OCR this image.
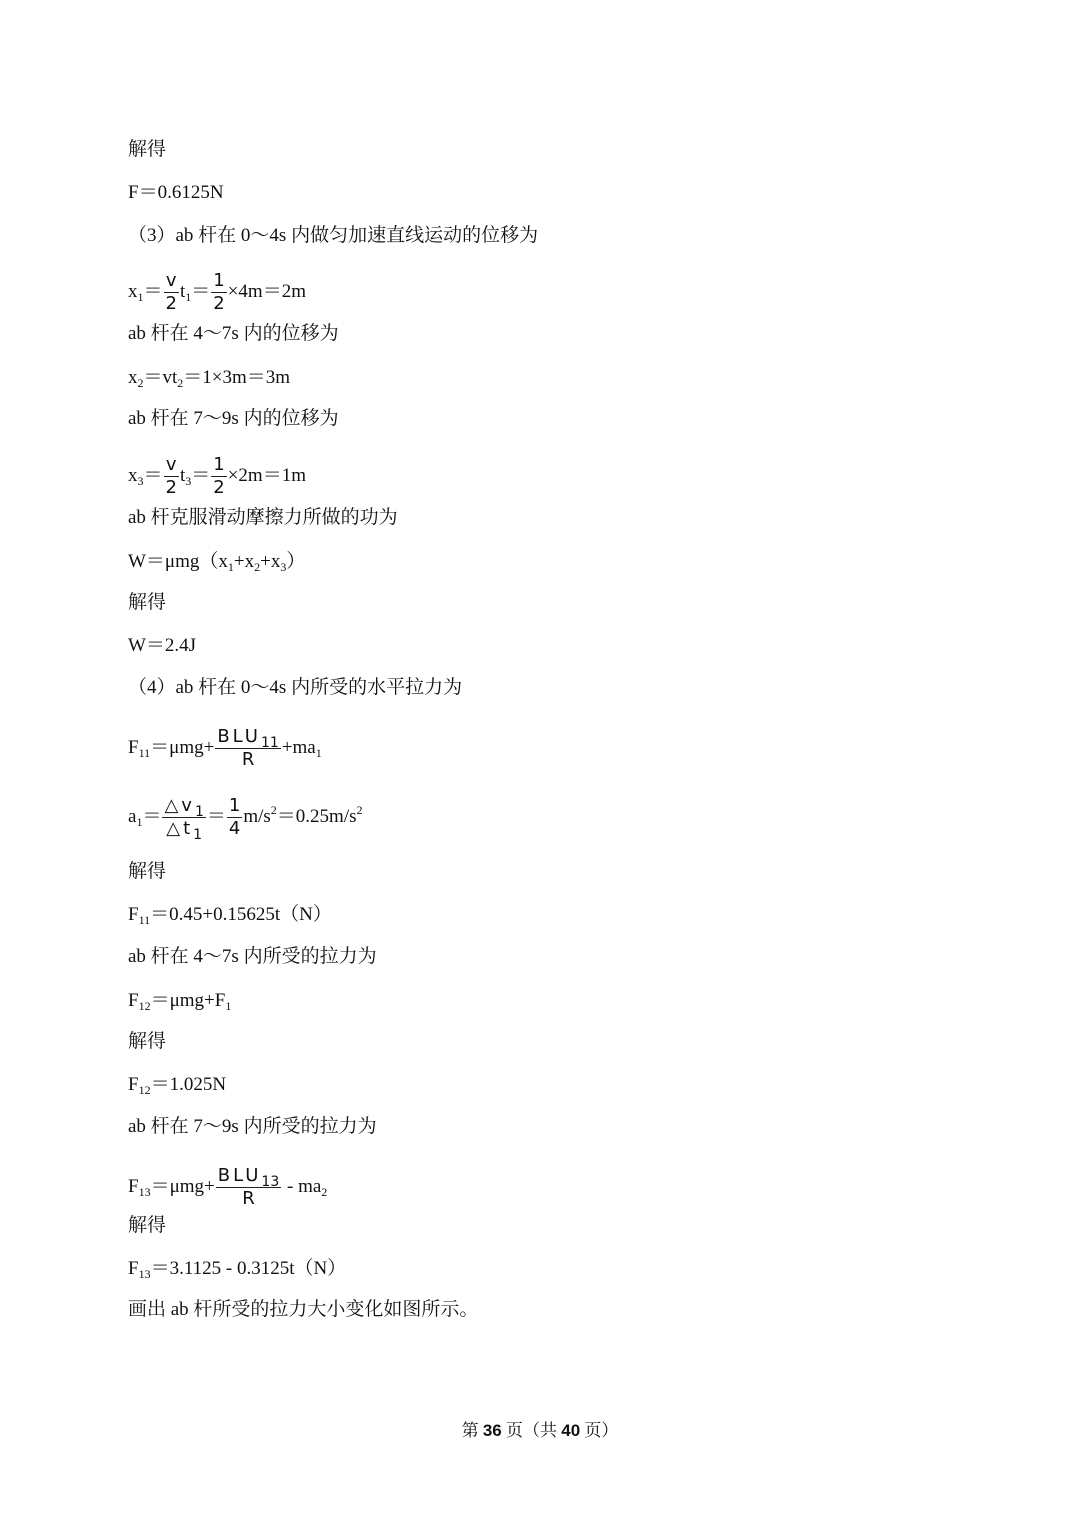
解得
F＝0.6125N
（3）ab 杆在 0～4s 内做匀加速直线运动的位移为
$x_1= \frac{v}{2} t_1= \frac{1}{2} \times 4m=2m$
ab 杆在 4～7s 内的位移为
$x_2=vt_2=1\times 3m=3m$
ab 杆在 7～9s 内的位移为
$x_3= \frac{v}{2} t_3= \frac{1}{2} \times 2m=1m$
ab 杆克服滑动摩擦力所做的功为
$W=\mu mg(x_1+x_2+x_3)$
解得
W＝2.4J
（4）ab 杆在 0～4s 内所受的水平拉力为
$F_{11}=\mu mg+ \frac{BLU_{11}}{R} +ma_1$
$a_1= \frac{\triangle v_1}{\triangle t_1} = \frac{1}{4} m/s^2=0.25m/s^2$
解得
$F_{11}=0.45+0.15625t(N)$
ab 杆在 4～7s 内所受的拉力为
$F_{12}=\mu mg+F_1$
解得
$F_{12}=1.025N$
ab 杆在 7～9s 内所受的拉力为
$F_{13}=\mu mg+ \frac{BLU_{13}}{R} - ma_2$
解得
$F_{13}=3.1125 - 0.3125t(N)$
画出 ab 杆所受的拉力大小变化如图所示。
第 36 页（共 40 页）
